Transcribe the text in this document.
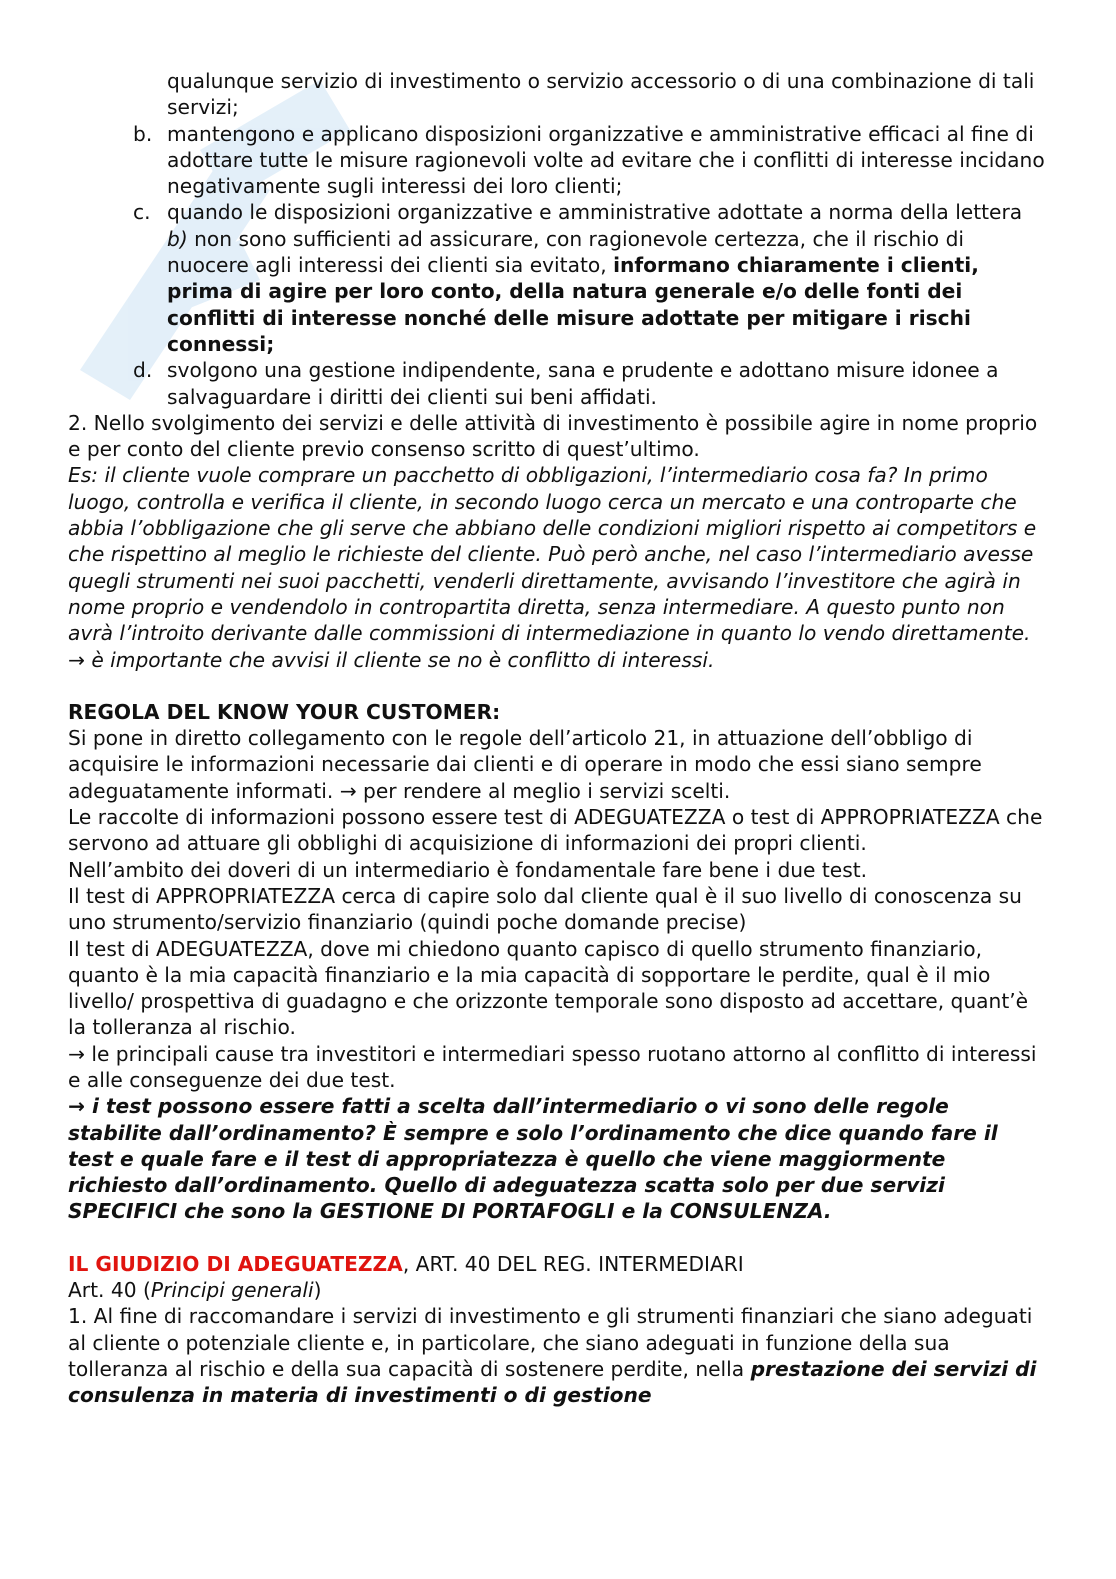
qualunque servizio di investimento o servizio accessorio o di una combinazione di tali servizi;

b. mantengono e applicano disposizioni organizzative e amministrative efficaci al fine di adottare tutte le misure ragionevoli volte ad evitare che i conflitti di interesse incidano negativamente sugli interessi dei loro clienti;
c. quando le disposizioni organizzative e amministrative adottate a norma della lettera b) non sono sufficienti ad assicurare, con ragionevole certezza, che il rischio di nuocere agli interessi dei clienti sia evitato, informano chiaramente i clienti, prima di agire per loro conto, della natura generale e/o delle fonti dei conflitti di interesse nonché delle misure adottate per mitigare i rischi connessi;
d. svolgono una gestione indipendente, sana e prudente e adottano misure idonee a salvaguardare i diritti dei clienti sui beni affidati.

2. Nello svolgimento dei servizi e delle attività di investimento è possibile agire in nome proprio e per conto del cliente previo consenso scritto di quest’ultimo.

Es: il cliente vuole comprare un pacchetto di obbligazioni, l’intermediario cosa fa? In primo luogo, controlla e verifica il cliente, in secondo luogo cerca un mercato e una controparte che abbia l’obbligazione che gli serve che abbiano delle condizioni migliori rispetto ai competitors e che rispettino al meglio le richieste del cliente. Può però anche, nel caso l’intermediario avesse quegli strumenti nei suoi pacchetti, venderli direttamente, avvisando l’investitore che agirà in nome proprio e vendendolo in contropartita diretta, senza intermediare. A questo punto non avrà l’introito derivante dalle commissioni di intermediazione in quanto lo vendo direttamente. → è importante che avvisi il cliente se no è conflitto di interessi.

REGOLA DEL KNOW YOUR CUSTOMER:

Si pone in diretto collegamento con le regole dell’articolo 21, in attuazione dell’obbligo di acquisire le informazioni necessarie dai clienti e di operare in modo che essi siano sempre adeguatamente informati. → per rendere al meglio i servizi scelti.

Le raccolte di informazioni possono essere test di ADEGUATEZZA o test di APPROPRIATEZZA che servono ad attuare gli obblighi di acquisizione di informazioni dei propri clienti.

Nell’ambito dei doveri di un intermediario è fondamentale fare bene i due test.

Il test di APPROPRIATEZZA cerca di capire solo dal cliente qual è il suo livello di conoscenza su uno strumento/servizio finanziario (quindi poche domande precise)

Il test di ADEGUATEZZA, dove mi chiedono quanto capisco di quello strumento finanziario, quanto è la mia capacità finanziario e la mia capacità di sopportare le perdite, qual è il mio livello/ prospettiva di guadagno e che orizzonte temporale sono disposto ad accettare, quant’è la tolleranza al rischio.

→ le principali cause tra investitori e intermediari spesso ruotano attorno al conflitto di interessi e alle conseguenze dei due test.

→ i test possono essere fatti a scelta dall’intermediario o vi sono delle regole stabilite dall’ordinamento? È sempre e solo l’ordinamento che dice quando fare il test e quale fare e il test di appropriatezza è quello che viene maggiormente richiesto dall’ordinamento. Quello di adeguatezza scatta solo per due servizi SPECIFICI che sono la GESTIONE DI PORTAFOGLI e la CONSULENZA.

IL GIUDIZIO DI ADEGUATEZZA, ART. 40 DEL REG. INTERMEDIARI

Art. 40 (Principi generali)

1. Al fine di raccomandare i servizi di investimento e gli strumenti finanziari che siano adeguati al cliente o potenziale cliente e, in particolare, che siano adeguati in funzione della sua tolleranza al rischio e della sua capacità di sostenere perdite, nella prestazione dei servizi di consulenza in materia di investimenti o di gestione
